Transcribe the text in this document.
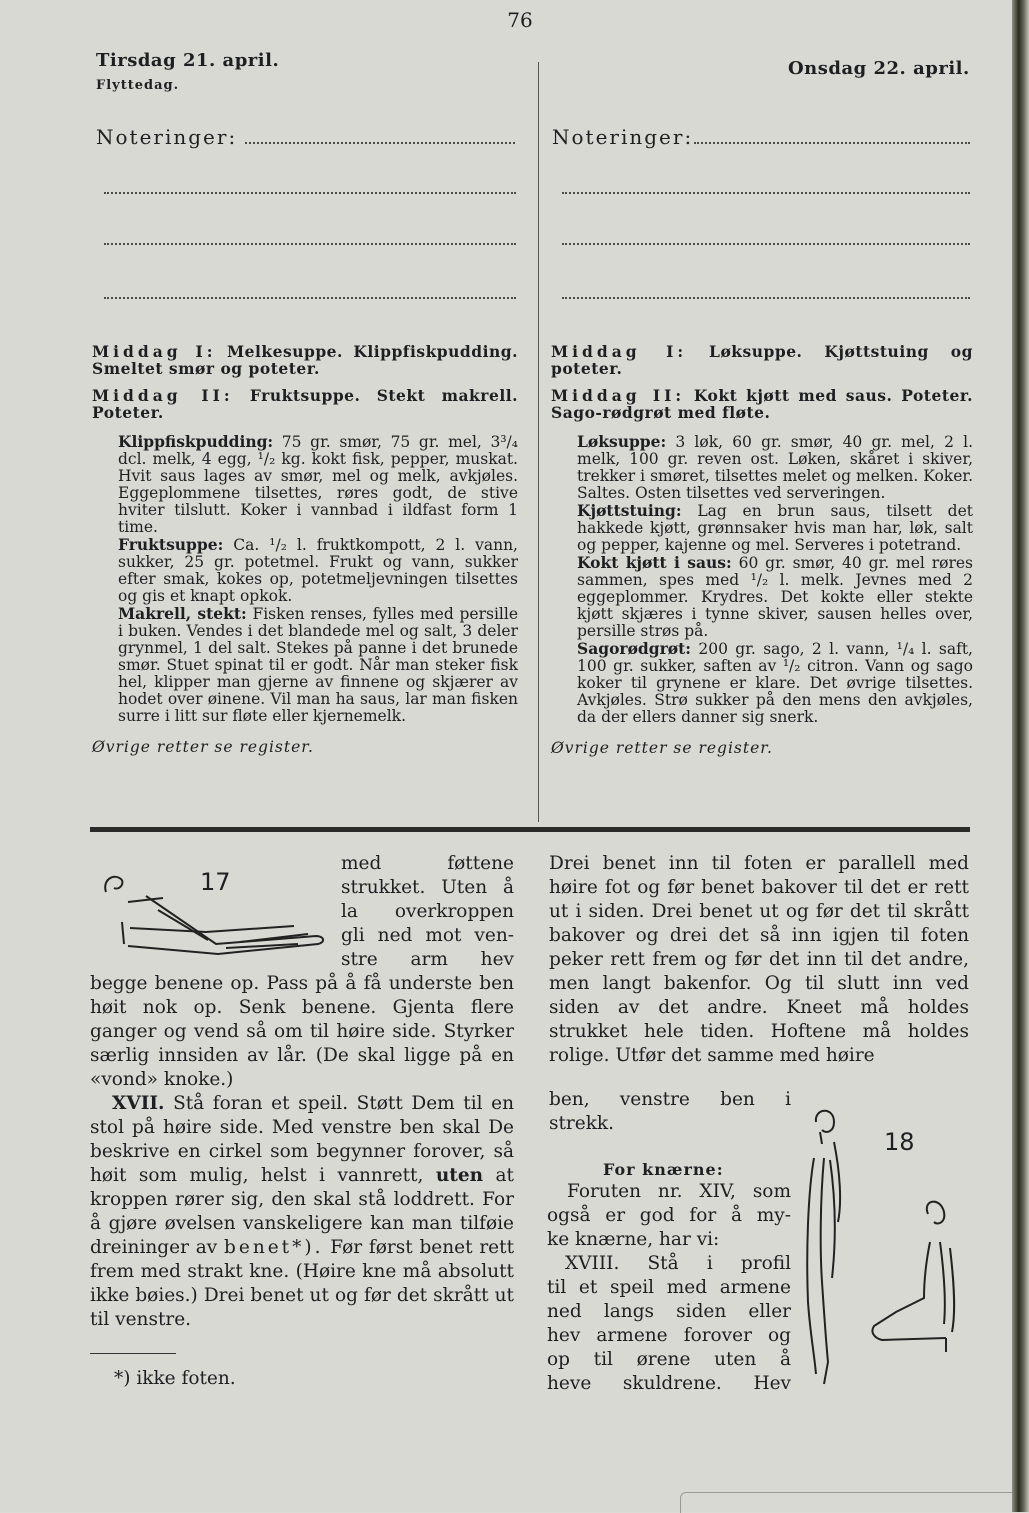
76
Tirsdag 21. april.
Flyttedag.
Noteringer:

Middag I: Melkesuppe. Klippfiskpudding. Smeltet smør og poteter.

Middag II: Fruktsuppe. Stekt makrell. Poteter.

Klippfiskpudding: 75 gr. smør, 75 gr. mel, 3³/₄ dcl. melk, 4 egg, ¹/₂ kg. kokt fisk, pepper, muskat. Hvit saus lages av smør, mel og melk, avkjøles. Eggeplommene tilsettes, røres godt, de stive hviter tilslutt. Koker i vannbad i ildfast form 1 time.

Fruktsuppe: Ca. ¹/₂ l. fruktkompott, 2 l. vann, sukker, 25 gr. potetmel. Frukt og vann, sukker efter smak, kokes op, potetmeljevningen tilsettes og gis et knapt opkok.

Makrell, stekt: Fisken renses, fylles med persille i buken. Vendes i det blandede mel og salt, 3 deler grynmel, 1 del salt. Stekes på panne i det brunede smør. Stuet spinat til er godt. Når man steker fisk hel, klipper man gjerne av finnene og skjærer av hodet over øinene. Vil man ha saus, lar man fisken surre i litt sur fløte eller kjernemelk.

Øvrige retter se register.

Onsdag 22. april.
Noteringer:

Middag I: Løksuppe. Kjøttstuing og poteter.

Middag II: Kokt kjøtt med saus. Poteter. Sago-rødgrøt med fløte.

Løksuppe: 3 løk, 60 gr. smør, 40 gr. mel, 2 l. melk, 100 gr. reven ost. Løken, skåret i skiver, trekker i smøret, tilsettes melet og melken. Koker. Saltes. Osten tilsettes ved serveringen.

Kjøttstuing: Lag en brun saus, tilsett det hakkede kjøtt, grønnsaker hvis man har, løk, salt og pepper, kajenne og mel. Serveres i potetrand.

Kokt kjøtt i saus: 60 gr. smør, 40 gr. mel røres sammen, spes med ¹/₂ l. melk. Jevnes med 2 eggeplommer. Krydres. Det kokte eller stekte kjøtt skjæres i tynne skiver, sausen helles over, persille strøs på.

Sagorødgrøt: 200 gr. sago, 2 l. vann, ¹/₄ l. saft, 100 gr. sukker, saften av ¹/₂ citron. Vann og sago koker til grynene er klare. Det øvrige tilsettes. Avkjøles. Strø sukker på den mens den avkjøles, da der ellers danner sig snerk.

Øvrige retter se register.

17
med føttene
strukket. Uten å
la overkroppen
gli ned mot ven-
stre arm hev

begge benene op. Pass på å få underste ben høit nok op. Senk benene. Gjenta flere ganger og vend så om til høire side. Styrker særlig innsiden av lår. (De skal ligge på en «vond» knoke.)

XVII. Stå foran et speil. Støtt Dem til en stol på høire side. Med venstre ben skal De beskrive en cirkel som begynner forover, så høit som mulig, helst i vannrett, uten at kroppen rører sig, den skal stå loddrett. For å gjøre øvelsen vanskeligere kan man tilføie dreininger av benet*). Før først benet rett frem med strakt kne. (Høire kne må absolutt ikke bøies.) Drei benet ut og før det skrått ut til venstre.

*) ikke foten.

Drei benet inn til foten er parallell med høire fot og før benet bakover til det er rett ut i siden. Drei benet ut og før det til skrått bakover og drei det så inn igjen til foten peker rett frem og før det inn til det andre, men langt bakenfor. Og til slutt inn ved siden av det andre. Kneet må holdes strukket hele tiden. Hoftene må holdes rolige. Utfør det samme med høire

ben, venstre ben i
strekk.
For knærne:
Foruten nr. XIV, som
også er god for å my-
ke knærne, har vi:
XVIII. Stå i profil
til et speil med armene
ned langs siden eller
hev armene forover og
op til ørene uten å
heve skuldrene. Hev
18
